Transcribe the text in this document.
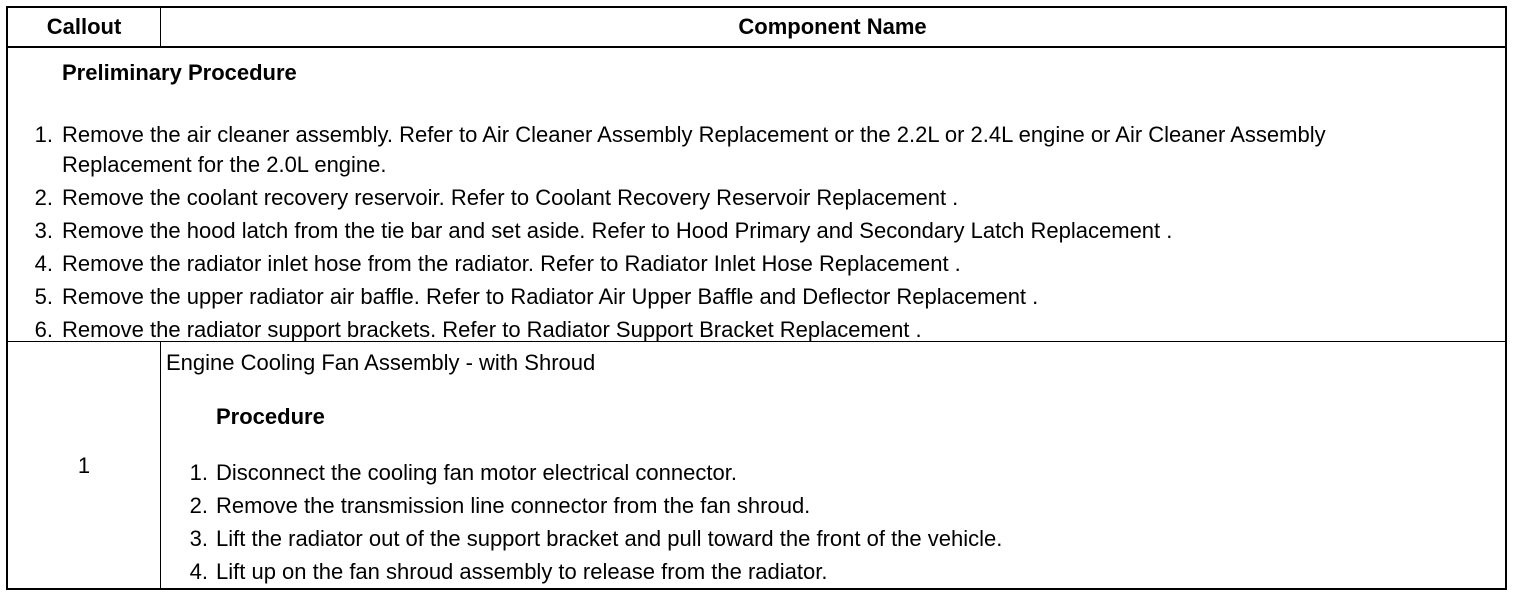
Callout	Component Name
Preliminary Procedure
1. Remove the air cleaner assembly. Refer to Air Cleaner Assembly Replacement or the 2.2L or 2.4L engine or Air Cleaner Assembly Replacement for the 2.0L engine.
2. Remove the coolant recovery reservoir. Refer to Coolant Recovery Reservoir Replacement .
3. Remove the hood latch from the tie bar and set aside. Refer to Hood Primary and Secondary Latch Replacement .
4. Remove the radiator inlet hose from the radiator. Refer to Radiator Inlet Hose Replacement .
5. Remove the upper radiator air baffle. Refer to Radiator Air Upper Baffle and Deflector Replacement .
6. Remove the radiator support brackets. Refer to Radiator Support Bracket Replacement .
1
Engine Cooling Fan Assembly - with Shroud
Procedure
1. Disconnect the cooling fan motor electrical connector.
2. Remove the transmission line connector from the fan shroud.
3. Lift the radiator out of the support bracket and pull toward the front of the vehicle.
4. Lift up on the fan shroud assembly to release from the radiator.
